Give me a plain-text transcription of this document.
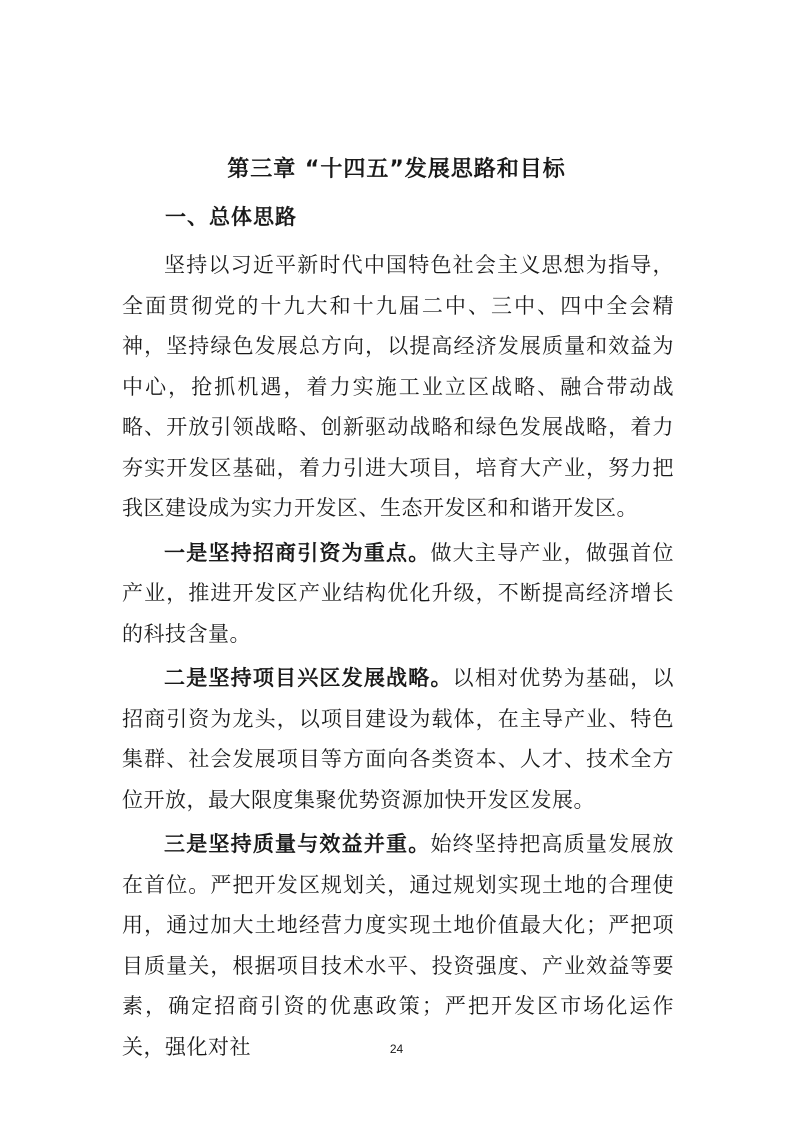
第三章 “十四五”发展思路和目标
一、总体思路

坚持以习近平新时代中国特色社会主义思想为指导，全面贯彻党的十九大和十九届二中、三中、四中全会精神，坚持绿色发展总方向，以提高经济发展质量和效益为中心，抢抓机遇，着力实施工业立区战略、融合带动战略、开放引领战略、创新驱动战略和绿色发展战略，着力夯实开发区基础，着力引进大项目，培育大产业，努力把我区建设成为实力开发区、生态开发区和和谐开发区。

一是坚持招商引资为重点。做大主导产业，做强首位产业，推进开发区产业结构优化升级，不断提高经济增长的科技含量。

二是坚持项目兴区发展战略。以相对优势为基础，以招商引资为龙头，以项目建设为载体，在主导产业、特色集群、社会发展项目等方面向各类资本、人才、技术全方位开放，最大限度集聚优势资源加快开发区发展。

三是坚持质量与效益并重。始终坚持把高质量发展放在首位。严把开发区规划关，通过规划实现土地的合理使用，通过加大土地经营力度实现土地价值最大化；严把项目质量关，根据项目技术水平、投资强度、产业效益等要素，确定招商引资的优惠政策；严把开发区市场化运作关，强化对社	24
